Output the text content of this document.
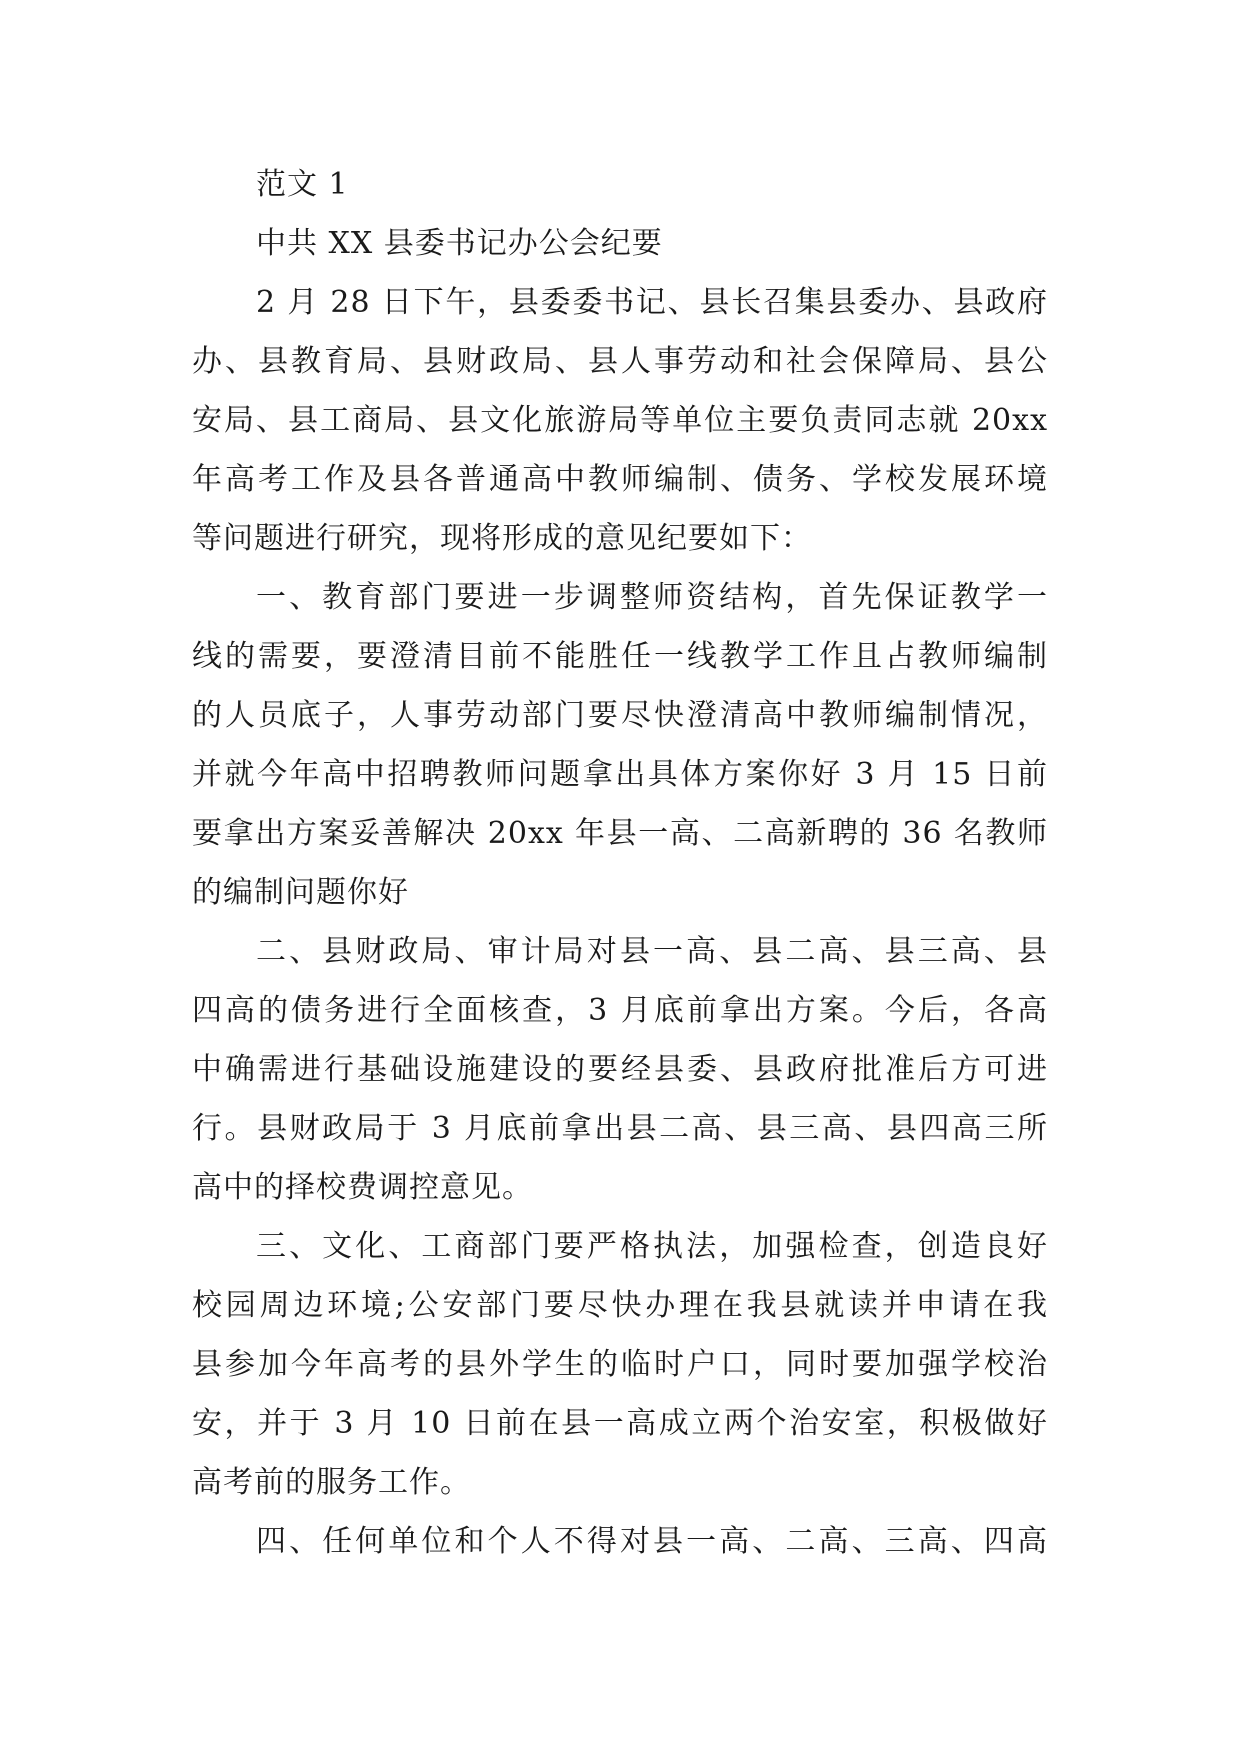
范文 1
中共 XX 县委书记办公会纪要
2 月 28 日下午，县委委书记、县长召集县委办、县政府
办、县教育局、县财政局、县人事劳动和社会保障局、县公
安局、县工商局、县文化旅游局等单位主要负责同志就 20xx
年高考工作及县各普通高中教师编制、债务、学校发展环境
等问题进行研究，现将形成的意见纪要如下：
一、教育部门要进一步调整师资结构，首先保证教学一
线的需要，要澄清目前不能胜任一线教学工作且占教师编制
的人员底子，人事劳动部门要尽快澄清高中教师编制情况，
并就今年高中招聘教师问题拿出具体方案你好 3 月 15 日前
要拿出方案妥善解决 20xx 年县一高、二高新聘的 36 名教师
的编制问题你好
二、县财政局、审计局对县一高、县二高、县三高、县
四高的债务进行全面核查，3 月底前拿出方案。今后，各高
中确需进行基础设施建设的要经县委、县政府批准后方可进
行。县财政局于 3 月底前拿出县二高、县三高、县四高三所
高中的择校费调控意见。
三、文化、工商部门要严格执法，加强检查，创造良好
校园周边环境;公安部门要尽快办理在我县就读并申请在我
县参加今年高考的县外学生的临时户口，同时要加强学校治
安，并于 3 月 10 日前在县一高成立两个治安室，积极做好
高考前的服务工作。
四、任何单位和个人不得对县一高、二高、三高、四高
